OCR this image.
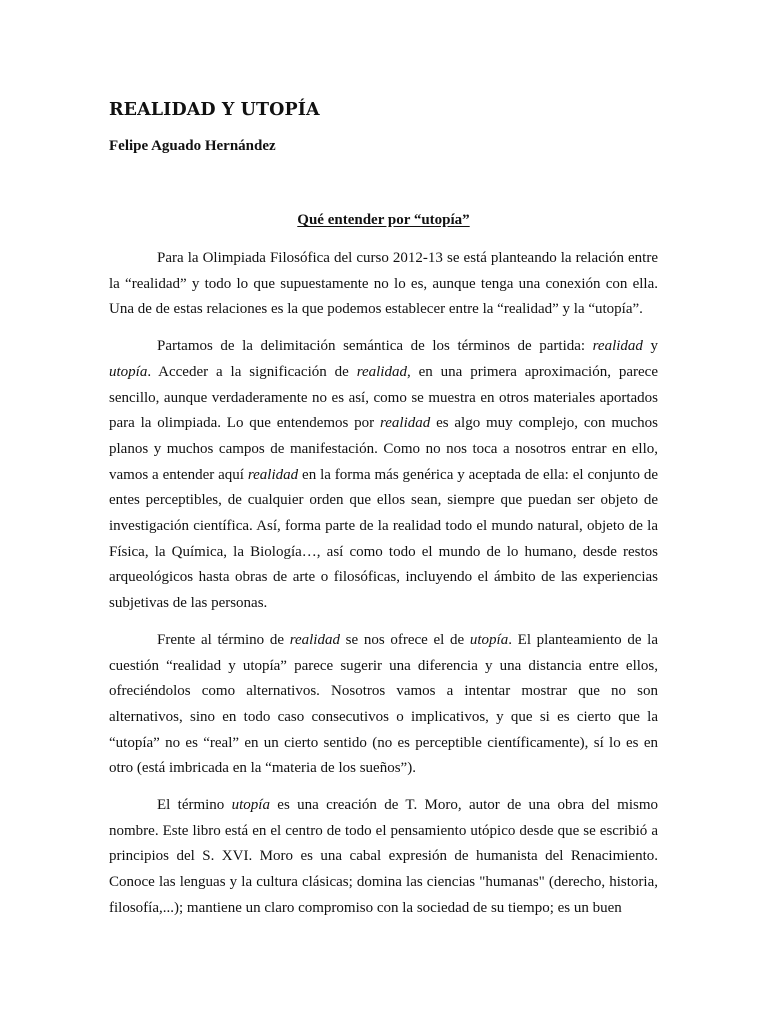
REALIDAD Y UTOPÍA

Felipe Aguado Hernández

Qué entender por “utopía”

Para la Olimpiada Filosófica del curso 2012-13 se está planteando la relación entre la “realidad” y todo lo que supuestamente no lo es, aunque tenga una conexión con ella. Una de de estas relaciones es la que podemos establecer entre la “realidad” y la “utopía”.

Partamos de la delimitación semántica de los términos de partida: realidad y utopía. Acceder a la significación de realidad, en una primera aproximación, parece sencillo, aunque verdaderamente no es así, como se muestra en otros materiales aportados para la olimpiada. Lo que entendemos por realidad es algo muy complejo, con muchos planos y muchos campos de manifestación. Como no nos toca a nosotros entrar en ello, vamos a entender aquí realidad en la forma más genérica y aceptada de ella: el conjunto de entes perceptibles, de cualquier orden que ellos sean, siempre que puedan ser objeto de investigación científica. Así, forma parte de la realidad todo el mundo natural, objeto de la Física, la Química, la Biología…, así como todo el mundo de lo humano, desde restos arqueológicos hasta obras de arte o filosóficas, incluyendo el ámbito de las experiencias subjetivas de las personas.

Frente al término de realidad se nos ofrece el de utopía. El planteamiento de la cuestión “realidad y utopía” parece sugerir una diferencia y una distancia entre ellos, ofreciéndolos como alternativos. Nosotros vamos a intentar mostrar que no son alternativos, sino en todo caso consecutivos o implicativos, y que si es cierto que la “utopía” no es “real” en un cierto sentido (no es perceptible científicamente), sí lo es en otro (está imbricada en la “materia de los sueños”).

El término utopía es una creación de T. Moro, autor de una obra del mismo nombre. Este libro está en el centro de todo el pensamiento utópico desde que se escribió a principios del S. XVI. Moro es una cabal expresión de humanista del Renacimiento. Conoce las lenguas y la cultura clásicas; domina las ciencias "humanas" (derecho, historia, filosofía,...); mantiene un claro compromiso con la sociedad de su tiempo; es un buen
